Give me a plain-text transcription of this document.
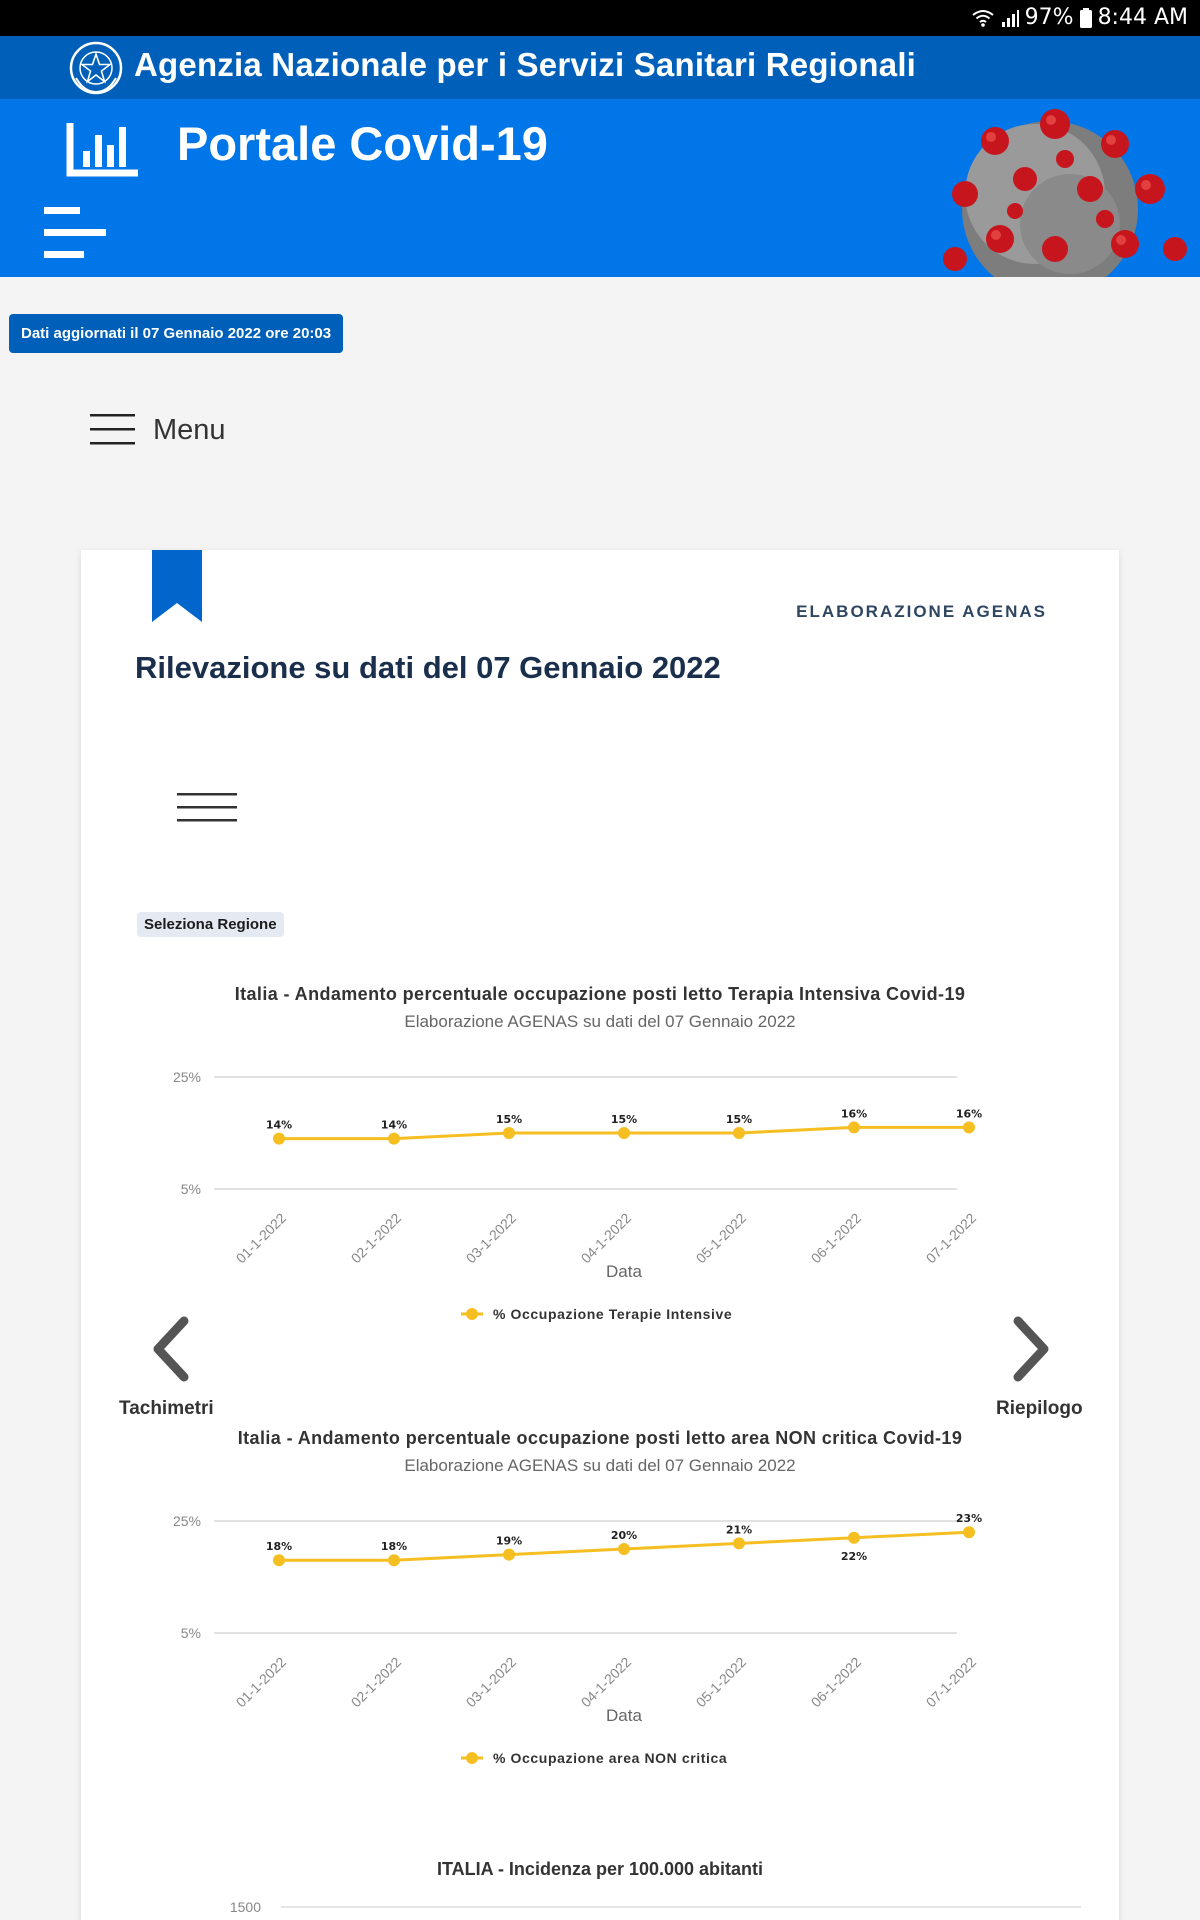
97% 8:44 AM
Agenzia Nazionale per i Servizi Sanitari Regionali
Portale Covid-19
Dati aggiornati il 07 Gennaio 2022 ore 20:03
Menu
ELABORAZIONE AGENAS
Rilevazione su dati del 07 Gennaio 2022
Seleziona Regione
Italia - Andamento percentuale occupazione posti letto Terapia Intensiva Covid-19
Elaborazione AGENAS su dati del 07 Gennaio 2022
25%
5%
14%	14%	15%	15%	15%	16%	16%
01-1-2022	02-1-2022	03-1-2022	04-1-2022	05-1-2022	06-1-2022	07-1-2022
Data
% Occupazione Terapie Intensive
Tachimetri	Riepilogo
Italia - Andamento percentuale occupazione posti letto area NON critica Covid-19
Elaborazione AGENAS su dati del 07 Gennaio 2022
25%
5%
18%	18%	19%	20%	21%
22%
23%
01-1-2022	02-1-2022	03-1-2022	04-1-2022	05-1-2022	06-1-2022	07-1-2022
Data
% Occupazione area NON critica
ITALIA - Incidenza per 100.000 abitanti
1500
